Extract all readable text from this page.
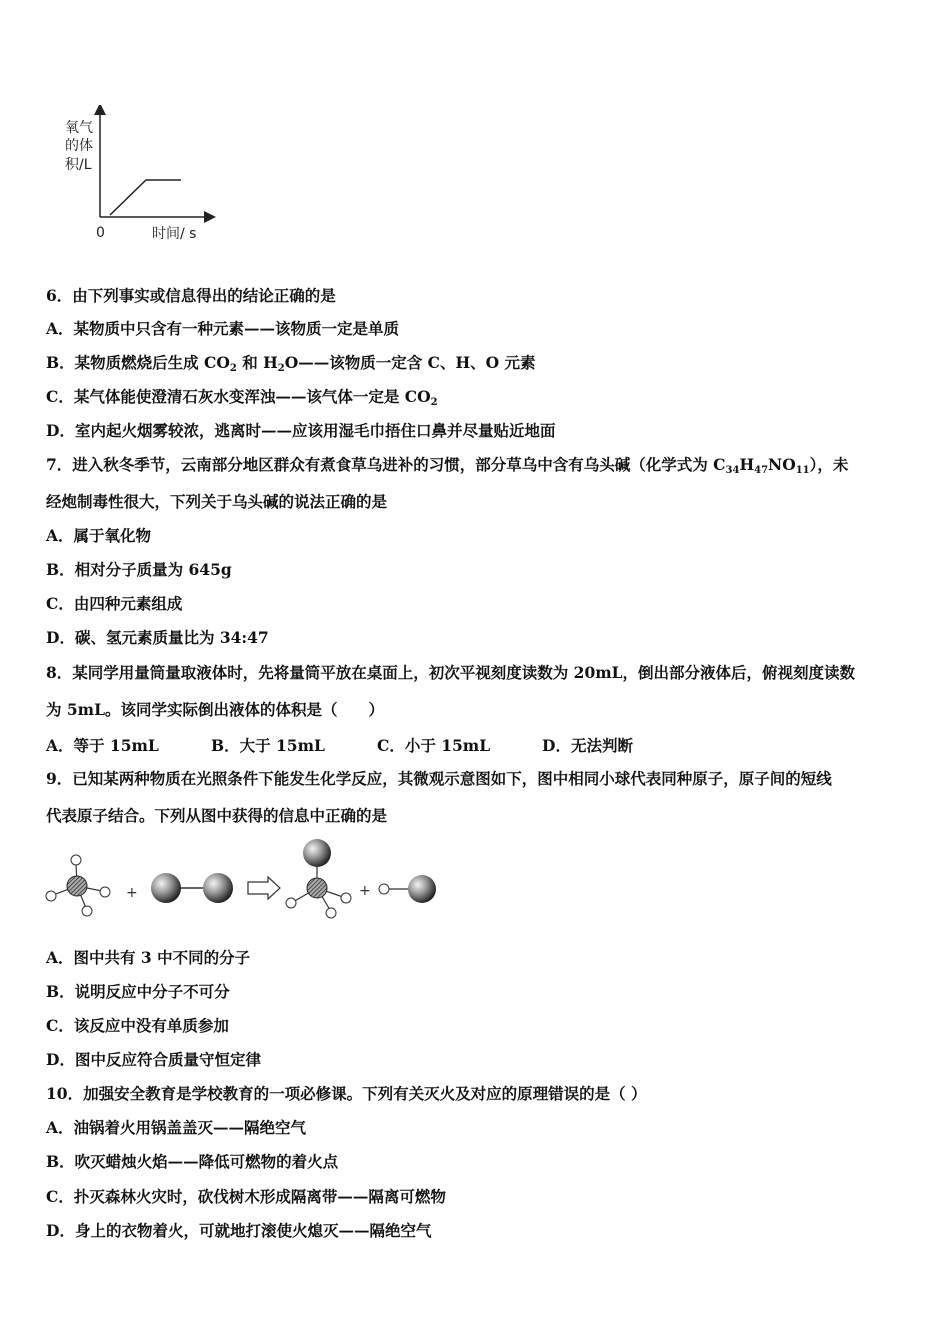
氧气
的体
积/L
0	时间/ s
6．由下列事实或信息得出的结论正确的是
A．某物质中只含有一种元素——该物质一定是单质
B．某物质燃烧后生成 $CO_2$ 和 $H_2O——$该物质一定含 C、H、O 元素
C．某气体能使澄清石灰水变浑浊——该气体一定是 $CO_2$
D．室内起火烟雾较浓，逃离时——应该用湿毛巾捂住口鼻并尽量贴近地面
7．进入秋冬季节，云南部分地区群众有煮食草乌进补的习惯，部分草乌中含有乌头碱（化学式为 $C_{34}H_{47}NO_{11}$），未
经炮制毒性很大，下列关于乌头碱的说法正确的是
A．属于氧化物
B．相对分子质量为 645g
C．由四种元素组成
D．碳、氢元素质量比为 34:47
8．某同学用量筒量取液体时，先将量筒平放在桌面上，初次平视刻度读数为 20mL，倒出部分液体后，俯视刻度读数
为 5mL。该同学实际倒出液体的体积是（　　）
A．等于 15mL	B．大于 15mL	C．小于 15mL	D．无法判断
9．已知某两种物质在光照条件下能发生化学反应，其微观示意图如下，图中相同小球代表同种原子，原子间的短线
代表原子结合。下列从图中获得的信息中正确的是
+	+
A．图中共有 3 中不同的分子
B．说明反应中分子不可分
C．该反应中没有单质参加
D．图中反应符合质量守恒定律
10．加强安全教育是学校教育的一项必修课。下列有关灭火及对应的原理错误的是（ ）
A．油锅着火用锅盖盖灭——隔绝空气
B．吹灭蜡烛火焰——降低可燃物的着火点
C．扑灭森林火灾时，砍伐树木形成隔离带——隔离可燃物
D．身上的衣物着火，可就地打滚使火熄灭——隔绝空气
